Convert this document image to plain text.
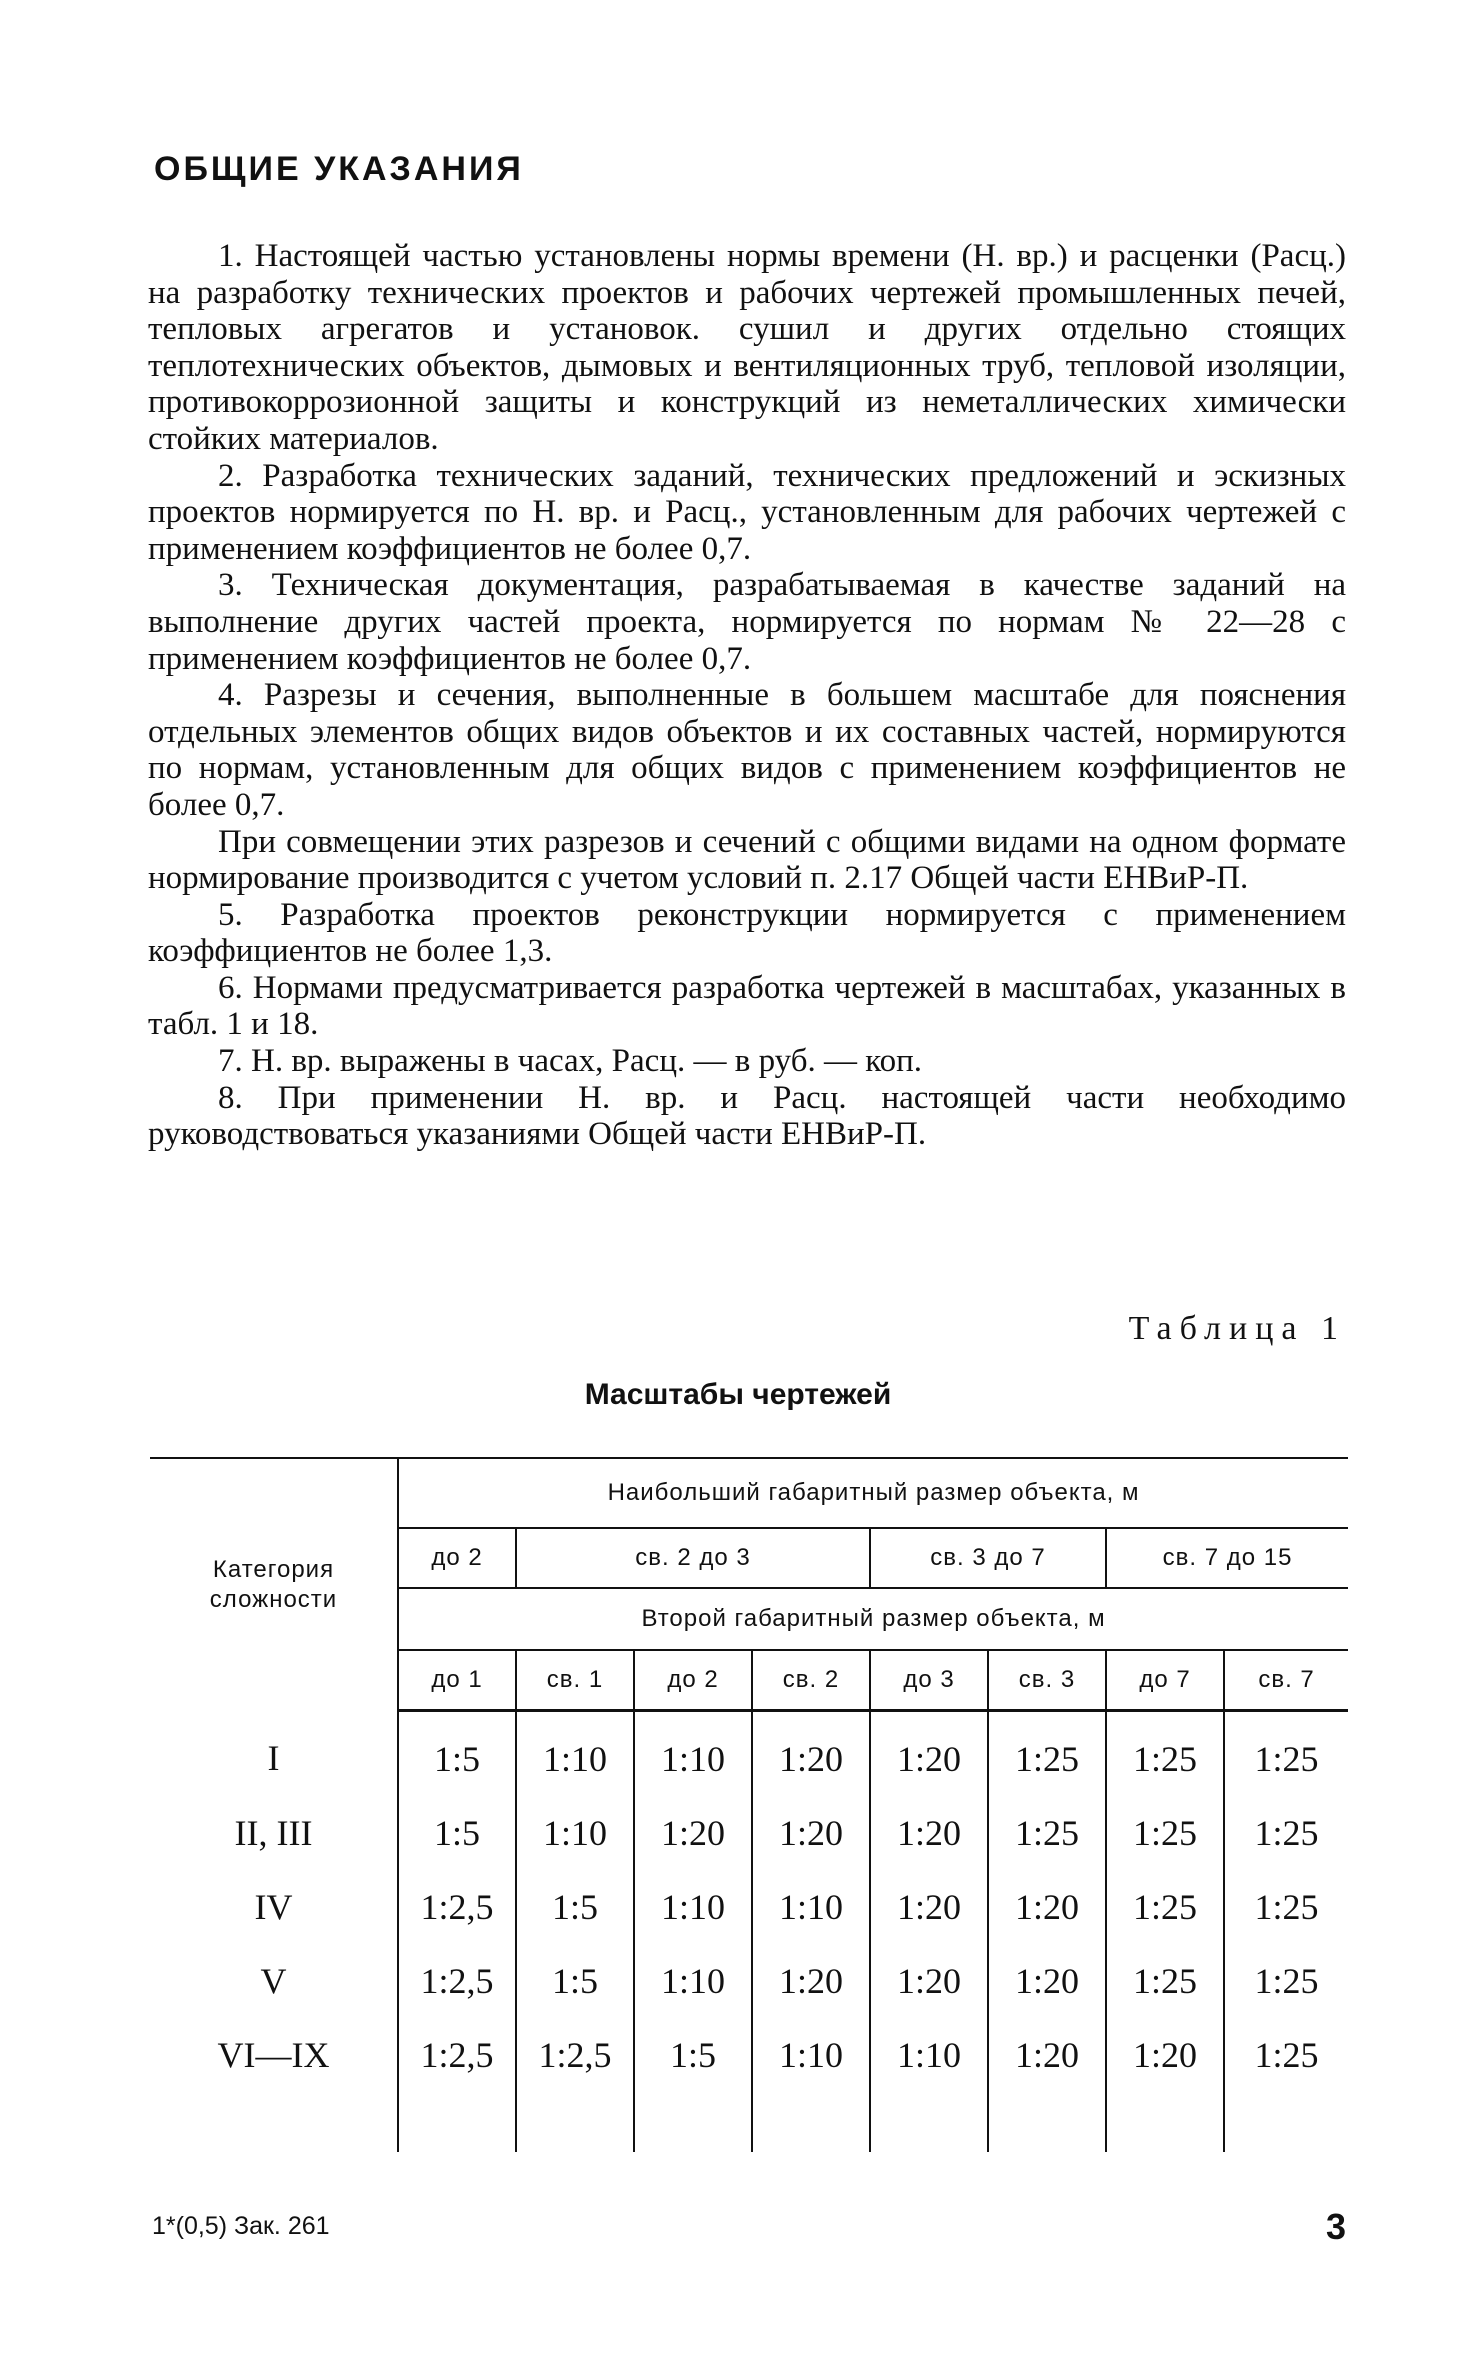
ОБЩИЕ УКАЗАНИЯ

1. Настоящей частью установлены нормы времени (Н. вр.) и расценки (Расц.) на разработку технических проектов и рабочих чертежей промышленных печей, тепловых агрегатов и установок. сушил и других отдельно стоящих теплотехнических объектов, дымовых и вентиляционных труб, тепловой изоляции, противокоррозионной защиты и конструкций из неметаллических химически стойких материалов.

2. Разработка технических заданий, технических предложений и эскизных проектов нормируется по Н. вр. и Расц., установленным для рабочих чертежей с применением коэффициентов не более 0,7.

3. Техническая документация, разрабатываемая в качестве заданий на выполнение других частей проекта, нормируется по нормам № 22—28 с применением коэффициентов не более 0,7.

4. Разрезы и сечения, выполненные в большем масштабе для пояснения отдельных элементов общих видов объектов и их составных частей, нормируются по нормам, установленным для общих видов с применением коэффициентов не более 0,7.

При совмещении этих разрезов и сечений с общими видами на одном формате нормирование производится с учетом условий п. 2.17 Общей части ЕНВиР-П.

5. Разработка проектов реконструкции нормируется с применением коэффициентов не более 1,3.

6. Нормами предусматривается разработка чертежей в масштабах, указанных в табл. 1 и 18.

7. Н. вр. выражены в часах, Расц. — в руб. — коп.

8. При применении Н. вр. и Расц. настоящей части необходимо руководствоваться указаниями Общей части ЕНВиР-П.

Таблица 1
Масштабы чертежей
Категория сложности	Наибольший габаритный размер объекта, м							
	до 2	св. 2 до 3			св. 3 до 7		св. 7 до 15	
	Второй габаритный размер объекта, м							
	до 1	св. 1	до 2	св. 2	до 3	св. 3	до 7	св. 7
I	1:5	1:10	1:10	1:20	1:20	1:25	1:25	1:25
II, III	1:5	1:10	1:20	1:20	1:20	1:25	1:25	1:25
IV	1:2,5	1:5	1:10	1:10	1:20	1:20	1:25	1:25
V	1:2,5	1:5	1:10	1:20	1:20	1:20	1:25	1:25
VI—IX	1:2,5	1:2,5	1:5	1:10	1:10	1:20	1:20	1:25

1*(0,5) Зак. 261	3
